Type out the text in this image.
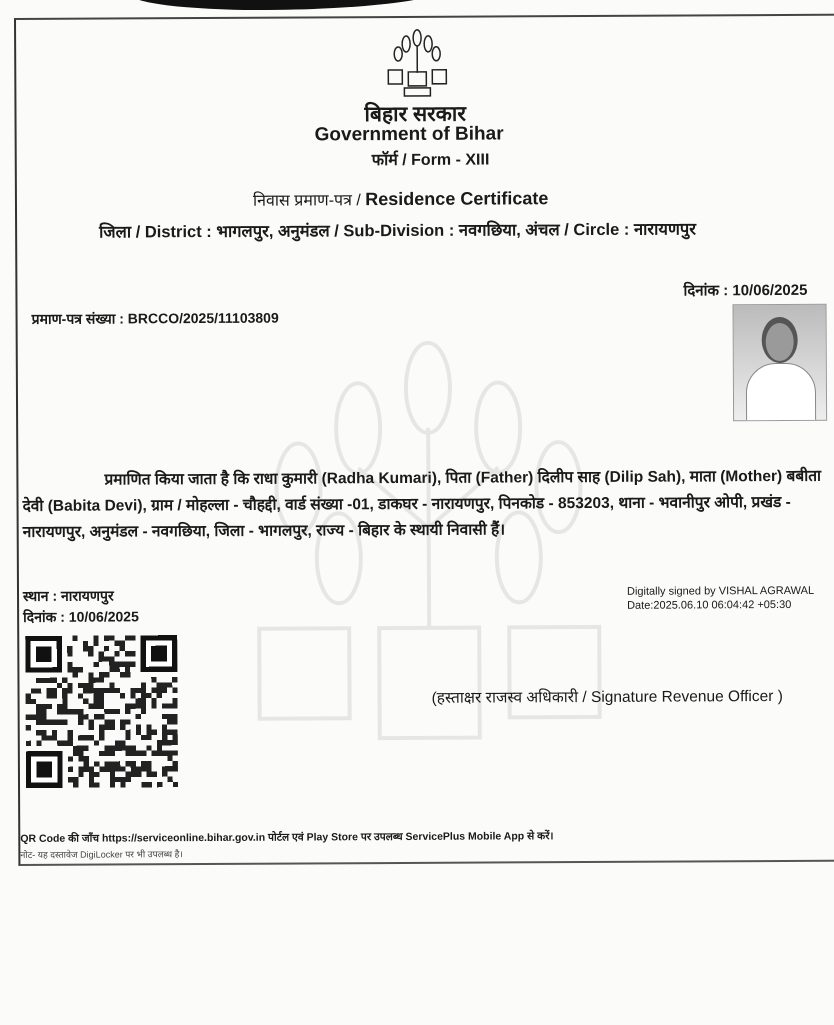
बिहार सरकार
Government of Bihar
फॉर्म / Form - XIII
निवास प्रमाण-पत्र / Residence Certificate
जिला / District : भागलपुर, अनुमंडल / Sub-Division : नवगछिया, अंचल / Circle : नारायणपुर
दिनांक : 10/06/2025
प्रमाण-पत्र संख्या : BRCCO/2025/11103809

प्रमाणित किया जाता है कि राधा कुमारी (Radha Kumari), पिता (Father) दिलीप साह (Dilip Sah), माता (Mother) बबीता देवी (Babita Devi), ग्राम / मोहल्ला - चौहद्दी, वार्ड संख्या -01, डाकघर - नारायणपुर, पिनकोड - 853203, थाना - भवानीपुर ओपी, प्रखंड - नारायणपुर, अनुमंडल - नवगछिया, जिला - भागलपुर, राज्य - बिहार के स्थायी निवासी हैं।

स्थान : नारायणपुर
दिनांक : 10/06/2025
Digitally signed by VISHAL AGRAWAL
Date:2025.06.10 06:04:42 +05:30
(हस्ताक्षर राजस्व अधिकारी / Signature Revenue Officer )
QR Code की जाँच https://serviceonline.bihar.gov.in पोर्टल एवं Play Store पर उपलब्ध ServicePlus Mobile App से करें।
नोट- यह दस्तावेज DigiLocker पर भी उपलब्ध है।
